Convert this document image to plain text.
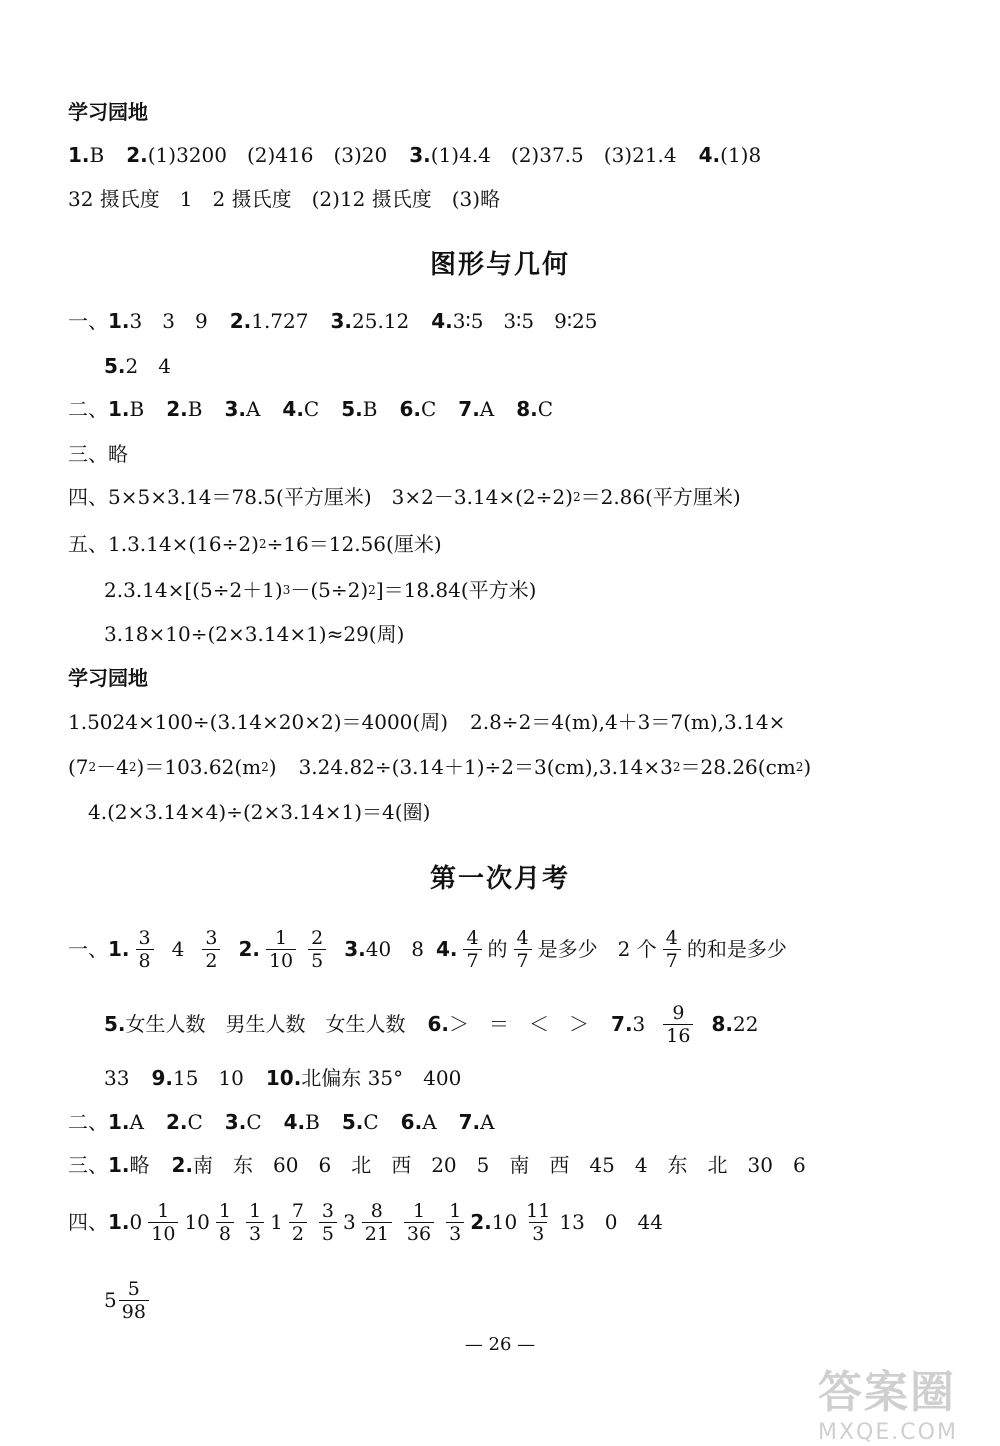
学习园地
1. B 2. (1)3200　(2)416　(3)20 3. (1)4.4　(2)37.5　(3)21.4 4. (1)8
32 摄氏度　1　2 摄氏度　(2)12 摄氏度　(3)略
图形与几何
一、 1. 3　3　9 2. 1.727 3. 25.12 4. 3∶5　3∶5　9∶25
5. 2　4
二、 1. B 2. B 3. A 4. C 5. B 6. C 7. A 8. C
三、略
四、5×5×3.14＝78.5(平方厘米)　3×2－3.14×(2÷2) 2 ＝2.86(平方厘米)
五、1.3.14×(16÷2) 2 ÷16＝12.56(厘米)
2.3.14×[(5÷2＋1) 3 －(5÷2) 2 ]＝18.84(平方米)
3.18×10÷(2×3.14×1)≈29(周)
学习园地
1.5024×100÷(3.14×20×2)＝4000(周) 2.8÷2＝4(m),4＋3＝7(m),3.14×
(7 2 －4 2 )＝103.62(m 2 ) 3.24.82÷(3.14＋1)÷2＝3(cm),3.14×3 2 ＝28.26(cm 2 )
4.(2×3.14×4)÷(2×3.14×1)＝4(圈)
第一次月考
一、 1. $\frac{3}{8} 4 \frac{3}{2} 2$. $\frac{1}{10} \frac{2}{5} 3$. 40　8 4. $\frac{4}{7}$ 的 $\frac{4}{7}$ 是多少　2 个 $\frac{4}{7}$ 的和是多少
5. 女生人数　男生人数　女生人数 6. ＞　＝　＜　＞ 7. $3 \frac{9}{16} 8$. 22
33 9. 15　10 10. 北偏东 35°　400
二、 1. A 2. C 3. C 4. B 5. C 6. A 7. A
三、 1. 略 2. 南　东　60　6　北　西　20　5　南　西　45　4　东　北　30　6
四、 1. $0 \frac{1}{10} 10 \frac{1}{8} \frac{1}{3} 1 \frac{7}{2} \frac{3}{5} 3 \frac{8}{21} \frac{1}{36} \frac{1}{3} 2$. $10 \frac{11}{3} 13$　0　44
$5 \frac{5}{98}$
— 26 —
答案圈
MXQE.COM
